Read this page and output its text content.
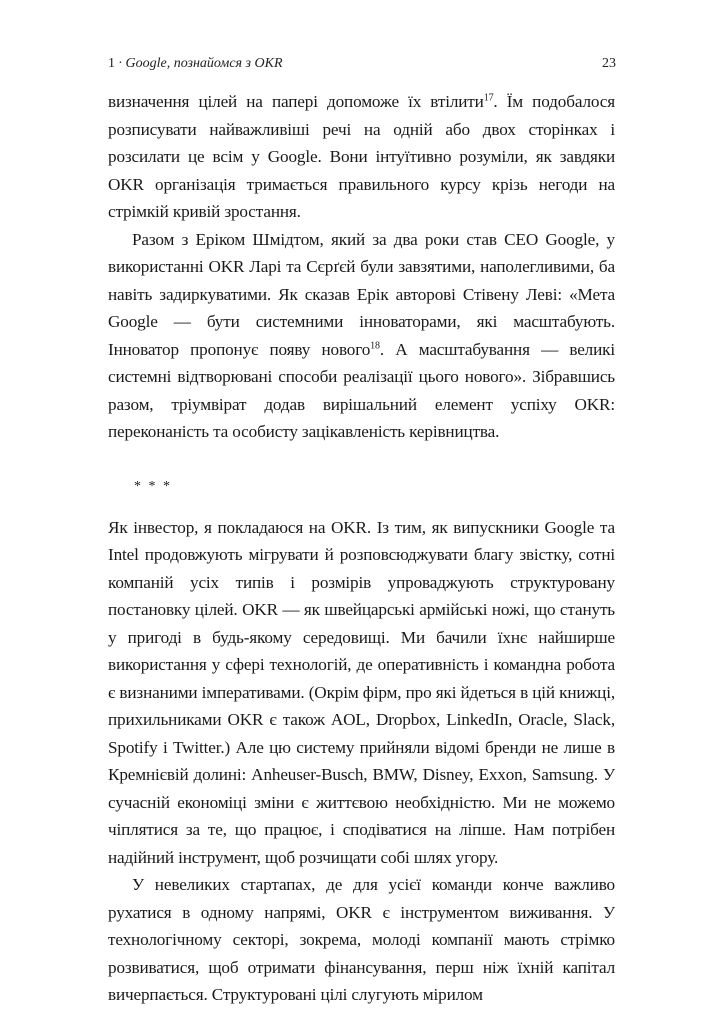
1 · Google, познайомся з OKR	23

визначення цілей на папері допоможе їх втілити$^{17}$. Їм подобалося розписувати найважливіші речі на одній або двох сторінках і розсилати це всім у Google. Вони інтуїтивно розуміли, як завдяки OKR організація тримається правильного курсу крізь негоди на стрімкій кривій зростання.

Разом з Еріком Шмідтом, який за два роки став CEO Google, у використанні OKR Ларі та Сєрґєй були завзятими, наполегливими, ба навіть задиркуватими. Як сказав Ерік авторові Стівену Леві: «Мета Google — бути системними інноваторами, які масштабують. Інноватор пропонує появу нового$^{18}$. А масштабування — великі системні відтворювані способи реалізації цього нового». Зібравшись разом, тріумвірат додав вирішальний елемент успіху OKR: переконаність та особисту зацікавленість керівництва.

* * *

Як інвестор, я покладаюся на OKR. Із тим, як випускники Google та Intel продовжують мігрувати й розповсюджувати благу звістку, сотні компаній усіх типів і розмірів упроваджують структуровану постановку цілей. OKR — як швейцарські армійські ножі, що стануть у пригоді в будь-якому середовищі. Ми бачили їхнє найширше використання у сфері технологій, де оперативність і командна робота є визнаними імперативами. (Окрім фірм, про які йдеться в цій книжці, прихильниками OKR є також AOL, Dropbox, LinkedIn, Oracle, Slack, Spotify і Twitter.) Але цю систему прийняли відомі бренди не лише в Кремнієвій долині: Anheuser-Busch, BMW, Disney, Exxon, Samsung. У сучасній економіці зміни є життєвою необхідністю. Ми не можемо чіплятися за те, що працює, і сподіватися на ліпше. Нам потрібен надійний інструмент, щоб розчищати собі шлях угору.

У невеликих стартапах, де для усієї команди конче важливо рухатися в одному напрямі, OKR є інструментом виживання. У технологічному секторі, зокрема, молоді компанії мають стрімко розвиватися, щоб отримати фінансування, перш ніж їхній капітал вичерпається. Структуровані цілі слугують мірилом
